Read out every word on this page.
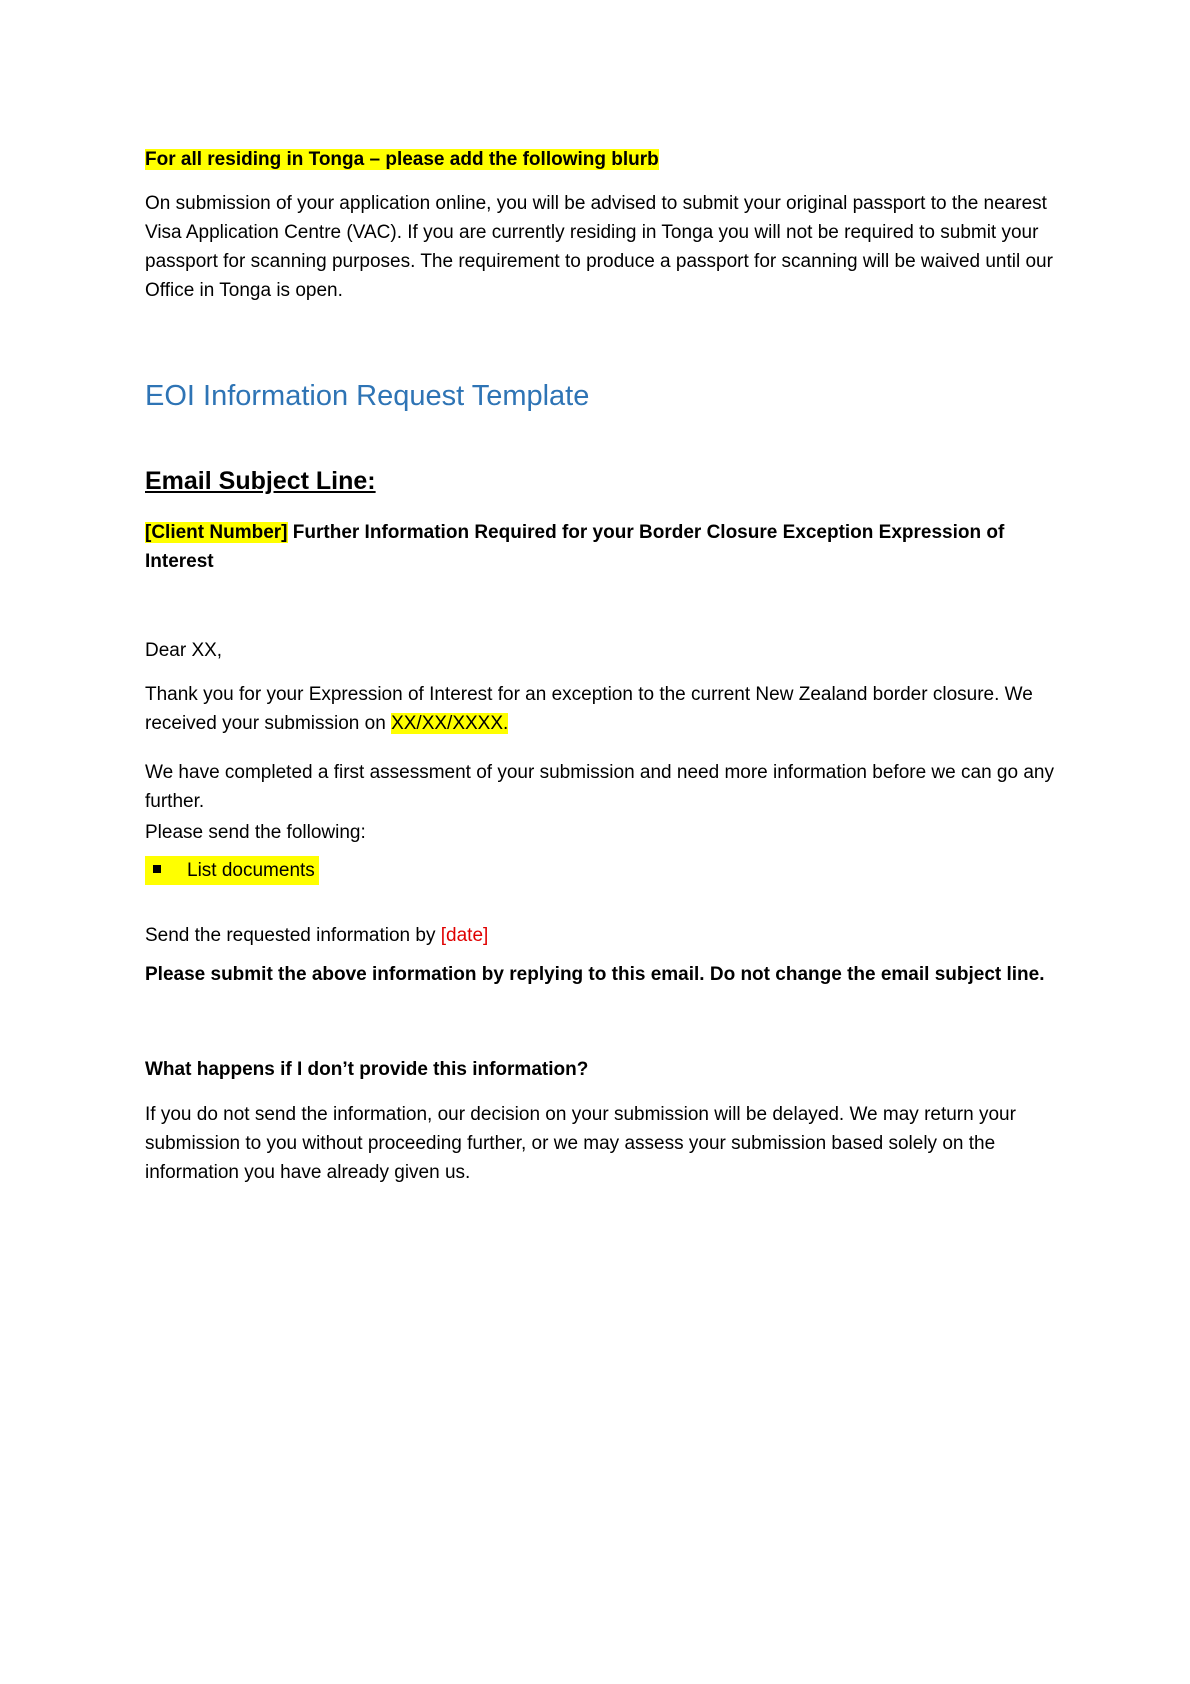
For all residing in Tonga – please add the following blurb
On submission of your application online, you will be advised to submit your original passport to the nearest Visa Application Centre (VAC). If you are currently residing in Tonga you will not be required to submit your passport for scanning purposes. The requirement to produce a passport for scanning will be waived until our Office in Tonga is open.
EOI Information Request Template
Email Subject Line:
[Client Number] Further Information Required for your Border Closure Exception Expression of Interest
Dear XX,
Thank you for your Expression of Interest for an exception to the current New Zealand border closure. We received your submission on XX/XX/XXXX.
We have completed a first assessment of your submission and need more information before we can go any further.
Please send the following:
List documents
Send the requested information by [date]
Please submit the above information by replying to this email. Do not change the email subject line.
What happens if I don’t provide this information?
If you do not send the information, our decision on your submission will be delayed. We may return your submission to you without proceeding further, or we may assess your submission based solely on the information you have already given us.
